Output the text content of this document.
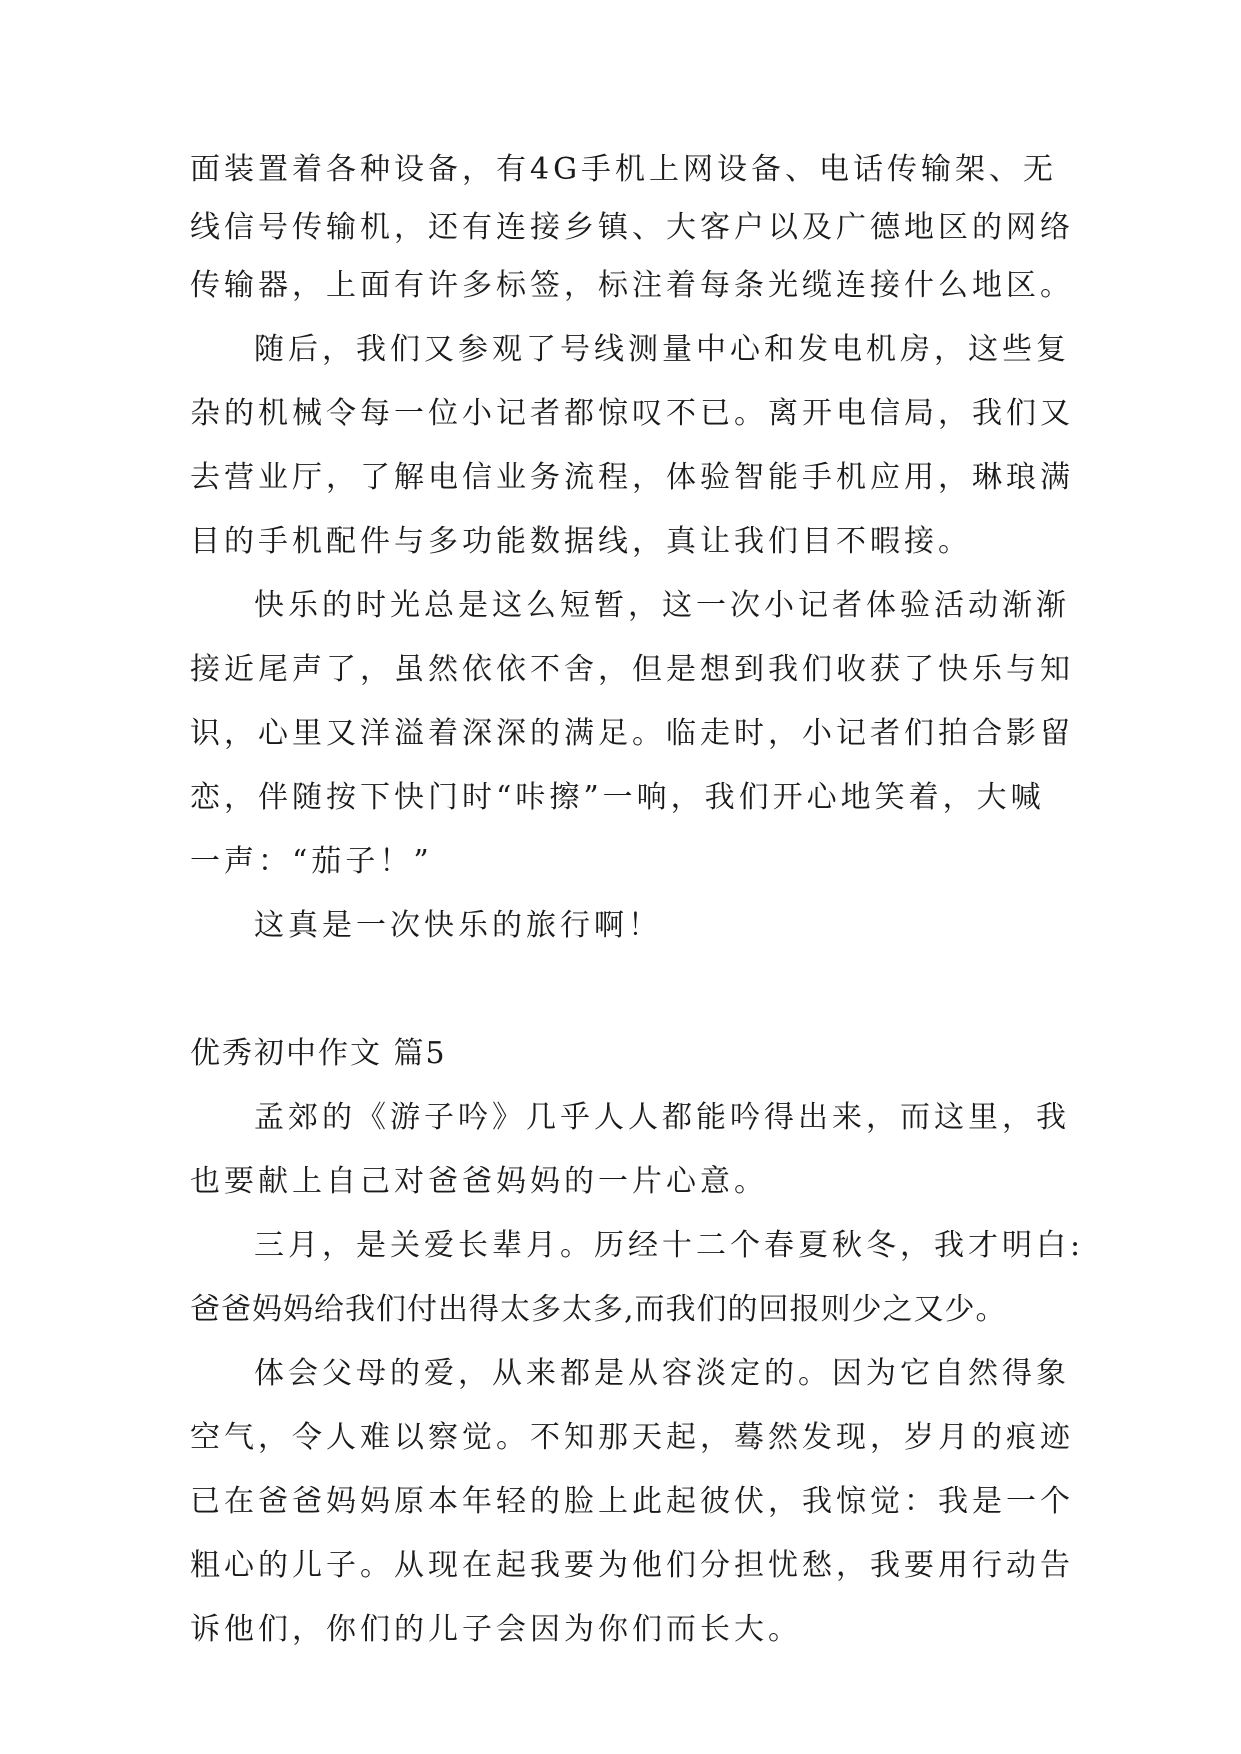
面装置着各种设备，有4G手机上网设备、电话传输架、无
线信号传输机，还有连接乡镇、大客户以及广德地区的网络
传输器，上面有许多标签，标注着每条光缆连接什么地区。
随后，我们又参观了号线测量中心和发电机房，这些复
杂的机械令每一位小记者都惊叹不已。离开电信局，我们又
去营业厅，了解电信业务流程，体验智能手机应用，琳琅满
目的手机配件与多功能数据线，真让我们目不暇接。
快乐的时光总是这么短暂，这一次小记者体验活动渐渐
接近尾声了，虽然依依不舍，但是想到我们收获了快乐与知
识，心里又洋溢着深深的满足。临走时，小记者们拍合影留
恋，伴随按下快门时“咔擦”一响，我们开心地笑着，大喊
一声：“茄子！”
这真是一次快乐的旅行啊！
优秀初中作文 篇5
孟郊的《游子吟》几乎人人都能吟得出来，而这里，我
也要献上自己对爸爸妈妈的一片心意。
三月，是关爱长辈月。历经十二个春夏秋冬，我才明白:
爸爸妈妈给我们付出得太多太多,而我们的回报则少之又少。
体会父母的爱，从来都是从容淡定的。因为它自然得象
空气，令人难以察觉。不知那天起，蓦然发现，岁月的痕迹
已在爸爸妈妈原本年轻的脸上此起彼伏，我惊觉：我是一个
粗心的儿子。从现在起我要为他们分担忧愁，我要用行动告
诉他们，你们的儿子会因为你们而长大。
